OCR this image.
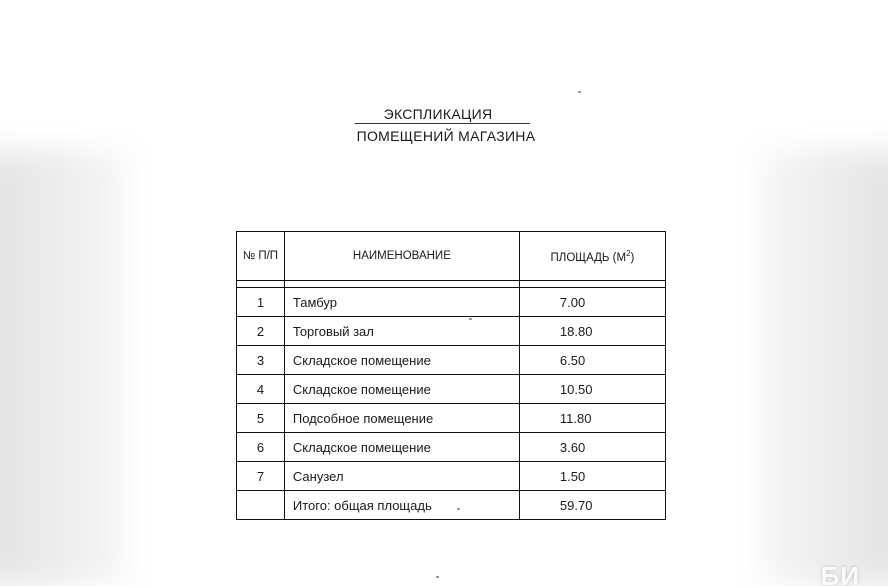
ЭКСПЛИКАЦИЯ
ПОМЕЩЕНИЙ МАГАЗИНА
№ П/П	НАИМЕНОВАНИЕ	ПЛОЩАДЬ $(М^2)$

1	Тамбур	7.00
2	Торговый зал	18.80
3	Складское помещение	6.50
4	Складское помещение	10.50
5	Подсобное помещение	11.80
6	Складское помещение	3.60
7	Санузел	1.50
	Итого: общая площадь	59.70
БИ
